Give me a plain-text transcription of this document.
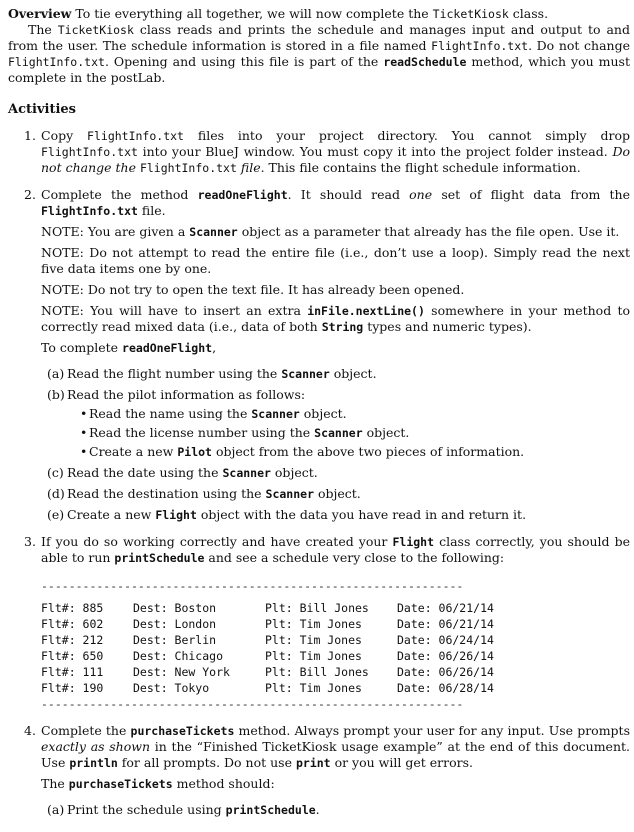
Overview To tie everything all together, we will now complete the TicketKiosk class.

The TicketKiosk class reads and prints the schedule and manages input and output to and from the user. The schedule information is stored in a file named FlightInfo.txt. Do not change FlightInfo.txt. Opening and using this file is part of the readSchedule method, which you must complete in the postLab.

Activities
1. Copy FlightInfo.txt files into your project directory. You cannot simply drop FlightInfo.txt into your BlueJ window. You must copy it into the project folder instead. Do not change the FlightInfo.txt file. This file contains the flight schedule information.

2. Complete the method readOneFlight. It should read one set of flight data from the FlightInfo.txt file.

NOTE: You are given a Scanner object as a parameter that already has the file open. Use it.

NOTE: Do not attempt to read the entire file (i.e., don’t use a loop). Simply read the next five data items one by one.

NOTE: Do not try to open the text file. It has already been opened.

NOTE: You will have to insert an extra inFile.nextLine() somewhere in your method to correctly read mixed data (i.e., data of both String types and numeric types).

To complete readOneFlight,

(a) Read the flight number using the Scanner object.
(b) Read the pilot information as follows:
• Read the name using the Scanner object.
• Read the license number using the Scanner object.
• Create a new Pilot object from the above two pieces of information.
(c) Read the date using the Scanner object.
(d) Read the destination using the Scanner object.
(e) Create a new Flight object with the data you have read in and return it.
3. If you do so working correctly and have created your Flight class correctly, you should be able to run printSchedule and see a schedule very close to the following:

-------------------------------------------------------------
Flt#: 885	Dest: Boston	Plt: Bill Jones	Date: 06/21/14
Flt#: 602	Dest: London	Plt: Tim Jones	Date: 06/21/14
Flt#: 212	Dest: Berlin	Plt: Tim Jones	Date: 06/24/14
Flt#: 650	Dest: Chicago	Plt: Tim Jones	Date: 06/26/14
Flt#: 111	Dest: New York	Plt: Bill Jones	Date: 06/26/14
Flt#: 190	Dest: Tokyo	Plt: Tim Jones	Date: 06/28/14
-------------------------------------------------------------
4. Complete the purchaseTickets method. Always prompt your user for any input. Use prompts exactly as shown in the “Finished TicketKiosk usage example” at the end of this document. Use println for all prompts. Do not use print or you will get errors.

The purchaseTickets method should:

(a) Print the schedule using printSchedule.
